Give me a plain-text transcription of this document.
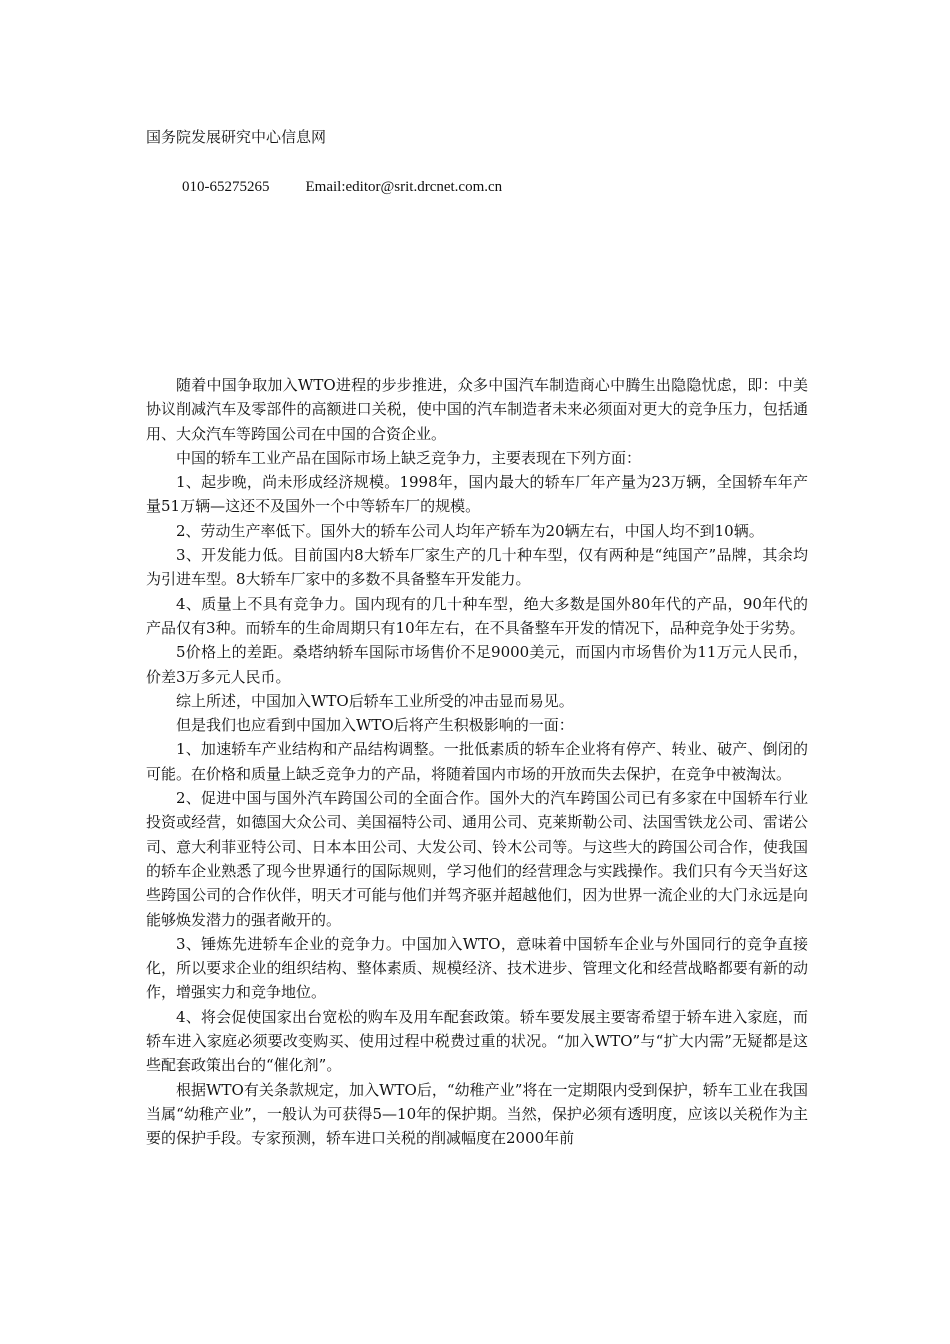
国务院发展研究中心信息网
010-65275265 Email:editor@srit.drcnet.com.cn

随着中国争取加入WTO进程的步步推进，众多中国汽车制造商心中腾生出隐隐忧虑，即：中美协议削减汽车及零部件的高额进口关税，使中国的汽车制造者未来必须面对更大的竞争压力，包括通用、大众汽车等跨国公司在中国的合资企业。

中国的轿车工业产品在国际市场上缺乏竞争力，主要表现在下列方面：

1、起步晚，尚未形成经济规模。1998年，国内最大的轿车厂年产量为23万辆，全国轿车年产量51万辆—这还不及国外一个中等轿车厂的规模。

2、劳动生产率低下。国外大的轿车公司人均年产轿车为20辆左右，中国人均不到10辆。

3、开发能力低。目前国内8大轿车厂家生产的几十种车型，仅有两种是“纯国产”品牌，其余均为引进车型。8大轿车厂家中的多数不具备整车开发能力。

4、质量上不具有竞争力。国内现有的几十种车型，绝大多数是国外80年代的产品，90年代的产品仅有3种。而轿车的生命周期只有10年左右，在不具备整车开发的情况下，品种竞争处于劣势。

5价格上的差距。桑塔纳轿车国际市场售价不足9000美元，而国内市场售价为11万元人民币，价差3万多元人民币。

综上所述，中国加入WTO后轿车工业所受的冲击显而易见。

但是我们也应看到中国加入WTO后将产生积极影响的一面：

1、加速轿车产业结构和产品结构调整。一批低素质的轿车企业将有停产、转业、破产、倒闭的可能。在价格和质量上缺乏竞争力的产品，将随着国内市场的开放而失去保护，在竞争中被淘汰。

2、促进中国与国外汽车跨国公司的全面合作。国外大的汽车跨国公司已有多家在中国轿车行业投资或经营，如德国大众公司、美国福特公司、通用公司、克莱斯勒公司、法国雪铁龙公司、雷诺公司、意大利菲亚特公司、日本本田公司、大发公司、铃木公司等。与这些大的跨国公司合作，使我国的轿车企业熟悉了现今世界通行的国际规则，学习他们的经营理念与实践操作。我们只有今天当好这些跨国公司的合作伙伴，明天才可能与他们并驾齐驱并超越他们，因为世界一流企业的大门永远是向能够焕发潜力的强者敞开的。

3、锤炼先进轿车企业的竞争力。中国加入WTO，意味着中国轿车企业与外国同行的竞争直接化，所以要求企业的组织结构、整体素质、规模经济、技术进步、管理文化和经营战略都要有新的动作，增强实力和竞争地位。

4、将会促使国家出台宽松的购车及用车配套政策。轿车要发展主要寄希望于轿车进入家庭，而轿车进入家庭必须要改变购买、使用过程中税费过重的状况。“加入WTO”与“扩大内需”无疑都是这些配套政策出台的“催化剂”。

根据WTO有关条款规定，加入WTO后，“幼稚产业”将在一定期限内受到保护，轿车工业在我国当属“幼稚产业”，一般认为可获得5—10年的保护期。当然，保护必须有透明度，应该以关税作为主要的保护手段。专家预测，轿车进口关税的削减幅度在2000年前
